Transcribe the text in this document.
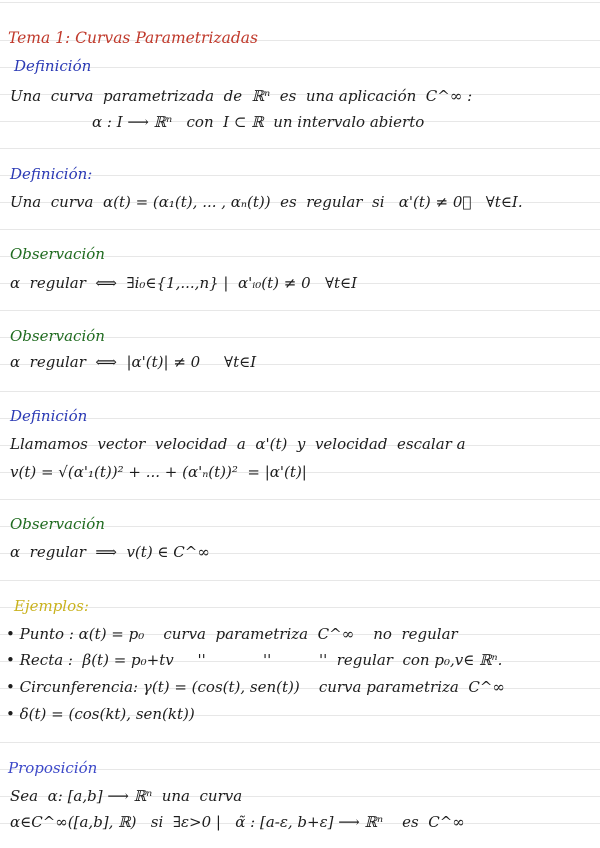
Tema 1: Curvas Parametrizadas
Definición
Una  curva  parametrizada  de  ℝⁿ  es  una aplicación  C^∞ :
α : I ⟶ ℝⁿ   con  I ⊂ ℝ  un intervalo abierto
Definición:
Una  curva  α(t) = (α₁(t), ... , αₙ(t))  es  regular  si   α'(t) ≠ 0⃗   ∀t∈I.
Observación
α  regular  ⟺  ∃i₀∈{1,...,n} |  α'ᵢ₀(t) ≠ 0   ∀t∈I
Observación
α  regular  ⟺  |α'(t)| ≠ 0     ∀t∈I
Definición
Llamamos  vector  velocidad  a  α'(t)  y  velocidad  escalar a
v(t) = √(α'₁(t))² + ... + (α'ₙ(t))²  = |α'(t)|
Observación
α  regular  ⟹  v(t) ∈ C^∞
Ejemplos:
• Punto : α(t) = p₀    curva  parametriza  C^∞    no  regular
• Recta :  β(t) = p₀+tv     ''            ''          ''  regular  con p₀,v∈ ℝⁿ.
• Circunferencia: γ(t) = (cos(t), sen(t))    curva parametriza  C^∞
• δ(t) = (cos(kt), sen(kt))
Proposición
Sea  α: [a,b] ⟶ ℝⁿ  una  curva
α∈C^∞([a,b], ℝ)   si  ∃ε>0 |   α̃ : [a-ε, b+ε] ⟶ ℝⁿ    es  C^∞
